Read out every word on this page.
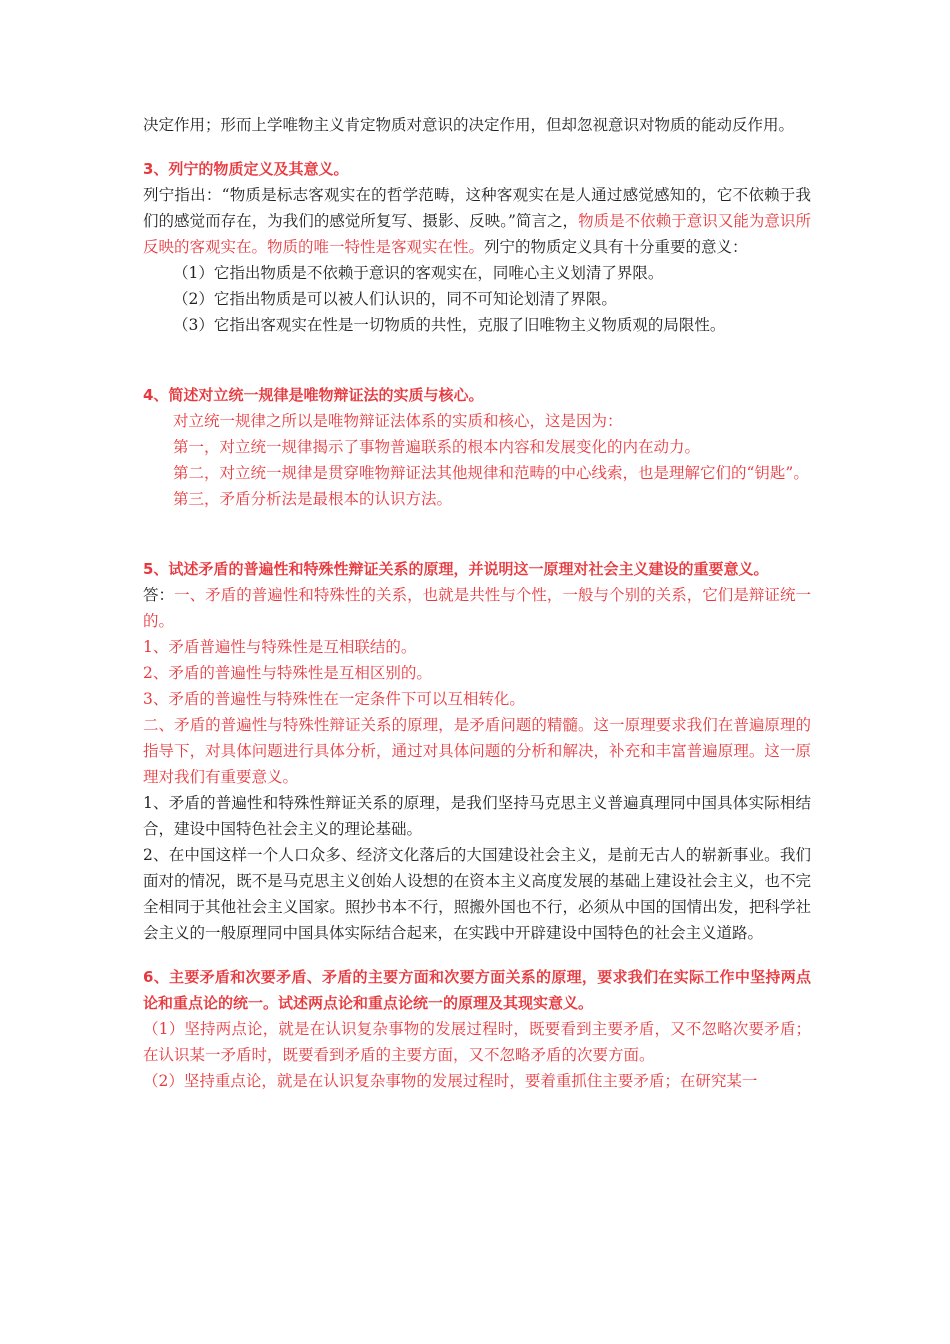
决定作用；形而上学唯物主义肯定物质对意识的决定作用，但却忽视意识对物质的能动反作用。

3、列宁的物质定义及其意义。

列宁指出：“物质是标志客观实在的哲学范畴，这种客观实在是人通过感觉感知的，它不依赖于我们的感觉而存在，为我们的感觉所复写、摄影、反映。”简言之，物质是不依赖于意识又能为意识所反映的客观实在。物质的唯一特性是客观实在性。列宁的物质定义具有十分重要的意义：

（1）它指出物质是不依赖于意识的客观实在，同唯心主义划清了界限。

（2）它指出物质是可以被人们认识的，同不可知论划清了界限。

（3）它指出客观实在性是一切物质的共性，克服了旧唯物主义物质观的局限性。

4、简述对立统一规律是唯物辩证法的实质与核心。

对立统一规律之所以是唯物辩证法体系的实质和核心，这是因为：

第一，对立统一规律揭示了事物普遍联系的根本内容和发展变化的内在动力。

第二，对立统一规律是贯穿唯物辩证法其他规律和范畴的中心线索，也是理解它们的“钥匙”。

第三，矛盾分析法是最根本的认识方法。

5、试述矛盾的普遍性和特殊性辩证关系的原理，并说明这一原理对社会主义建设的重要意义。

答：一、矛盾的普遍性和特殊性的关系，也就是共性与个性，一般与个别的关系，它们是辩证统一的。

1、矛盾普遍性与特殊性是互相联结的。

2、矛盾的普遍性与特殊性是互相区别的。

3、矛盾的普遍性与特殊性在一定条件下可以互相转化。

二、矛盾的普遍性与特殊性辩证关系的原理，是矛盾问题的精髓。这一原理要求我们在普遍原理的指导下，对具体问题进行具体分析，通过对具体问题的分析和解决，补充和丰富普遍原理。这一原理对我们有重要意义。

1、矛盾的普遍性和特殊性辩证关系的原理，是我们坚持马克思主义普遍真理同中国具体实际相结合，建设中国特色社会主义的理论基础。

2、在中国这样一个人口众多、经济文化落后的大国建设社会主义，是前无古人的崭新事业。我们面对的情况，既不是马克思主义创始人设想的在资本主义高度发展的基础上建设社会主义，也不完全相同于其他社会主义国家。照抄书本不行，照搬外国也不行，必须从中国的国情出发，把科学社会主义的一般原理同中国具体实际结合起来，在实践中开辟建设中国特色的社会主义道路。

6、主要矛盾和次要矛盾、矛盾的主要方面和次要方面关系的原理，要求我们在实际工作中坚持两点论和重点论的统一。试述两点论和重点论统一的原理及其现实意义。

（1）坚持两点论，就是在认识复杂事物的发展过程时，既要看到主要矛盾，又不忽略次要矛盾；在认识某一矛盾时，既要看到矛盾的主要方面，又不忽略矛盾的次要方面。

（2）坚持重点论，就是在认识复杂事物的发展过程时，要着重抓住主要矛盾；在研究某一
